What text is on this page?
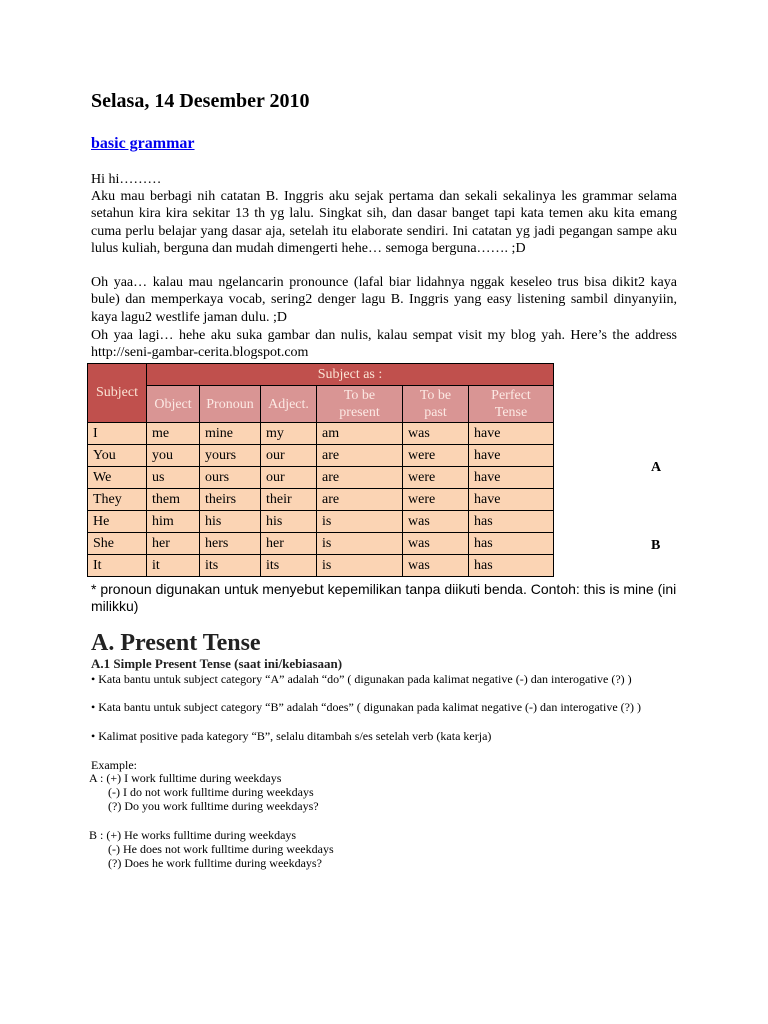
Selasa, 14 Desember 2010
basic grammar
Hi hi………
Aku mau berbagi nih catatan B. Inggris aku sejak pertama dan sekali sekalinya les grammar selama setahun kira kira sekitar 13 th yg lalu. Singkat sih, dan dasar banget tapi kata temen aku kita emang cuma perlu belajar yang dasar aja, setelah itu elaborate sendiri. Ini catatan yg jadi pegangan sampe aku lulus kuliah, berguna dan mudah dimengerti hehe… semoga berguna……. ;D
Oh yaa… kalau mau ngelancarin pronounce (lafal biar lidahnya nggak keseleo trus bisa dikit2 kaya bule) dan memperkaya vocab, sering2 denger lagu B. Inggris yang easy listening sambil dinyanyiin, kaya lagu2 westlife jaman dulu. ;D
Oh yaa lagi… hehe aku suka gambar dan nulis, kalau sempat visit my blog yah. Here’s the address http://seni-gambar-cerita.blogspot.com
Subject	Subject as :					
	Object	Pronoun	Adject.	To be present	To be past	Perfect Tense
I	me	mine	my	am	was	have
You	you	yours	our	are	were	have
We	us	ours	our	are	were	have
They	them	theirs	their	are	were	have
He	him	his	his	is	was	has
She	her	hers	her	is	was	has
It	it	its	its	is	was	has
A
B
* pronoun digunakan untuk menyebut kepemilikan tanpa diikuti benda. Contoh: this is mine (ini milikku)
A. Present Tense
A.1 Simple Present Tense (saat ini/kebiasaan)
• Kata bantu untuk subject category “A” adalah “do” ( digunakan pada kalimat negative (-) dan interogative (?) )
• Kata bantu untuk subject category “B” adalah “does” ( digunakan pada kalimat negative (-) dan interogative (?) )
• Kalimat positive pada kategory “B”, selalu ditambah s/es setelah verb (kata kerja)
Example:
A : (+) I work fulltime during weekdays
(-) I do not work fulltime during weekdays
(?) Do you work fulltime during weekdays?
B : (+) He works fulltime during weekdays
(-) He does not work fulltime during weekdays
(?) Does he work fulltime during weekdays?
